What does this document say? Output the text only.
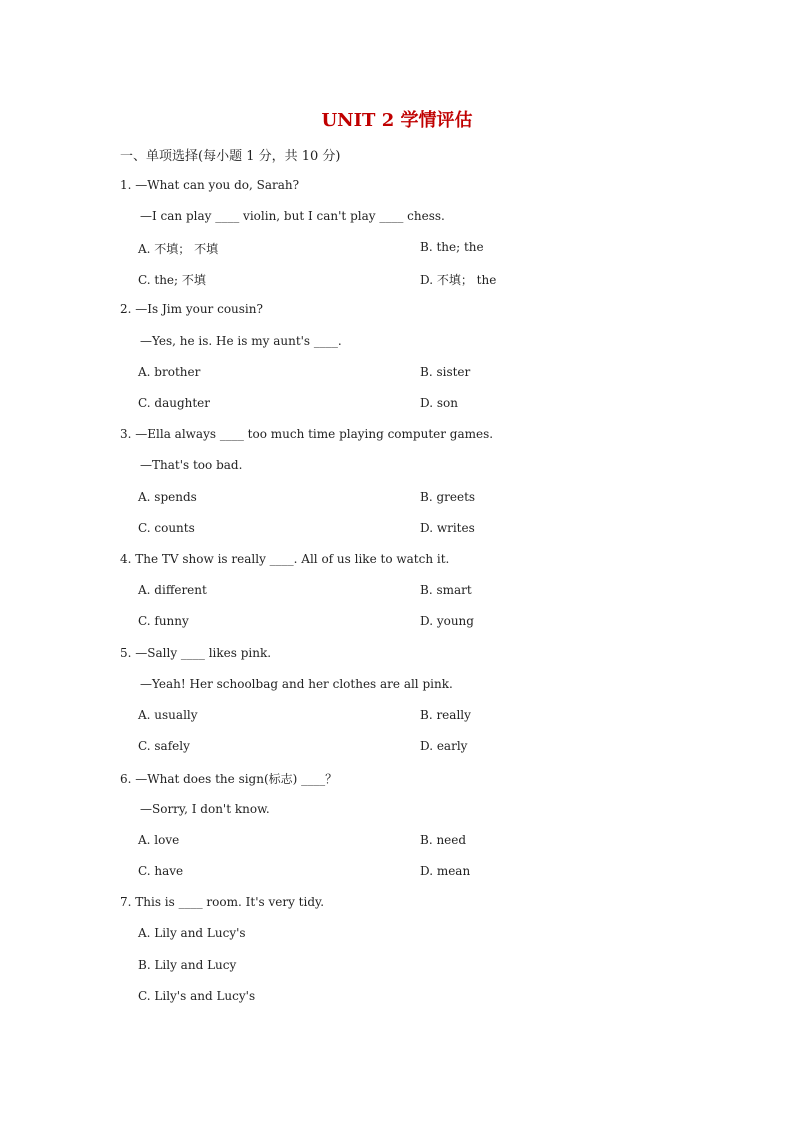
UNIT 2 学情评估
一、单项选择(每小题 1 分，共 10 分)
1. —What can you do, Sarah?
—I can play ____ violin, but I can't play ____ chess.
A. 不填； 不填	B. the; the
C. the; 不填	D. 不填； the
2. —Is Jim your cousin?
—Yes, he is. He is my aunt's ____.
A. brother	B. sister
C. daughter	D. son
3. —Ella always ____ too much time playing computer games.
—That's too bad.
A. spends	B. greets
C. counts	D. writes
4. The TV show is really ____. All of us like to watch it.
A. different	B. smart
C. funny	D. young
5. —Sally ____ likes pink.
—Yeah! Her schoolbag and her clothes are all pink.
A. usually	B. really
C. safely	D. early
6. —What does the sign(标志) ____？
—Sorry, I don't know.
A. love	B. need
C. have	D. mean
7. This is ____ room. It's very tidy.
A. Lily and Lucy's
B. Lily and Lucy
C. Lily's and Lucy's
